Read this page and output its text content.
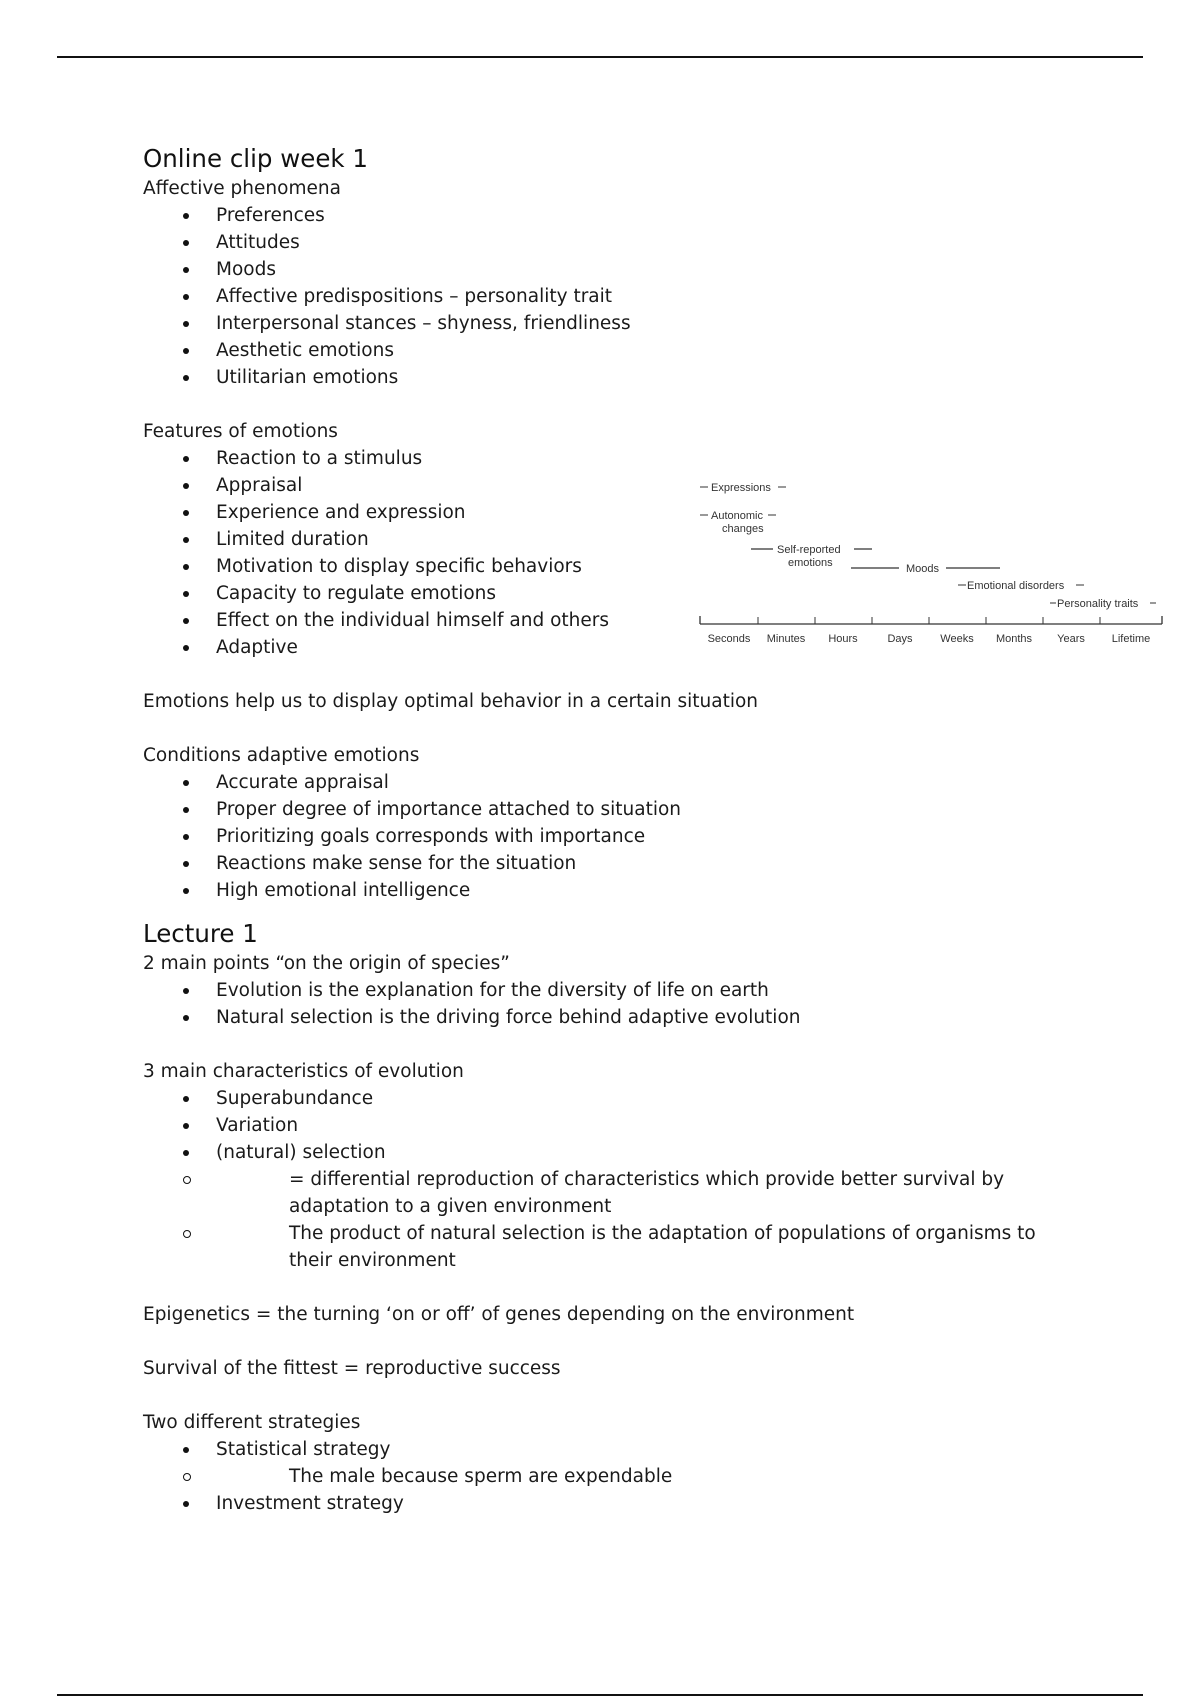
Online clip week 1

Affective phenomena

Preferences
Attitudes
Moods
Affective predispositions – personality trait
Interpersonal stances – shyness, friendliness
Aesthetic emotions
Utilitarian emotions

Features of emotions

Reaction to a stimulus
Appraisal
Experience and expression
Limited duration
Motivation to display specific behaviors
Capacity to regulate emotions
Effect on the individual himself and others
Adaptive

Emotions help us to display optimal behavior in a certain situation

Conditions adaptive emotions

Accurate appraisal
Proper degree of importance attached to situation
Prioritizing goals corresponds with importance
Reactions make sense for the situation
High emotional intelligence
Lecture 1

2 main points “on the origin of species”

Evolution is the explanation for the diversity of life on earth
Natural selection is the driving force behind adaptive evolution

3 main characteristics of evolution

Superabundance
Variation
(natural) selection
= differential reproduction of characteristics which provide better survival by adaptation to a given environment
The product of natural selection is the adaptation of populations of organisms to their environment

Epigenetics = the turning ‘on or off’ of genes depending on the environment

Survival of the fittest = reproductive success

Two different strategies

Statistical strategy
The male because sperm are expendable
Investment strategy
Expressions
Autonomic
changes
Self-reported
emotions	Moods
Emotional disorders
Personality traits
Seconds Minutes Hours	Days	Weeks Months Years Lifetime
